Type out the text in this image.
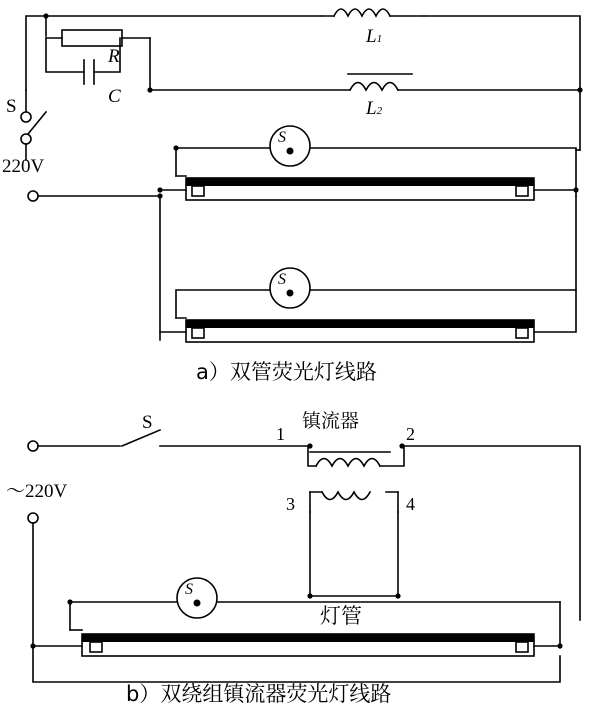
L1
L2
R
C
S
220V
S
S
a）双管荧光灯线路
S
〜220V
镇流器
1	2
3	4
灯管
S
b）双绕组镇流器荧光灯线路
